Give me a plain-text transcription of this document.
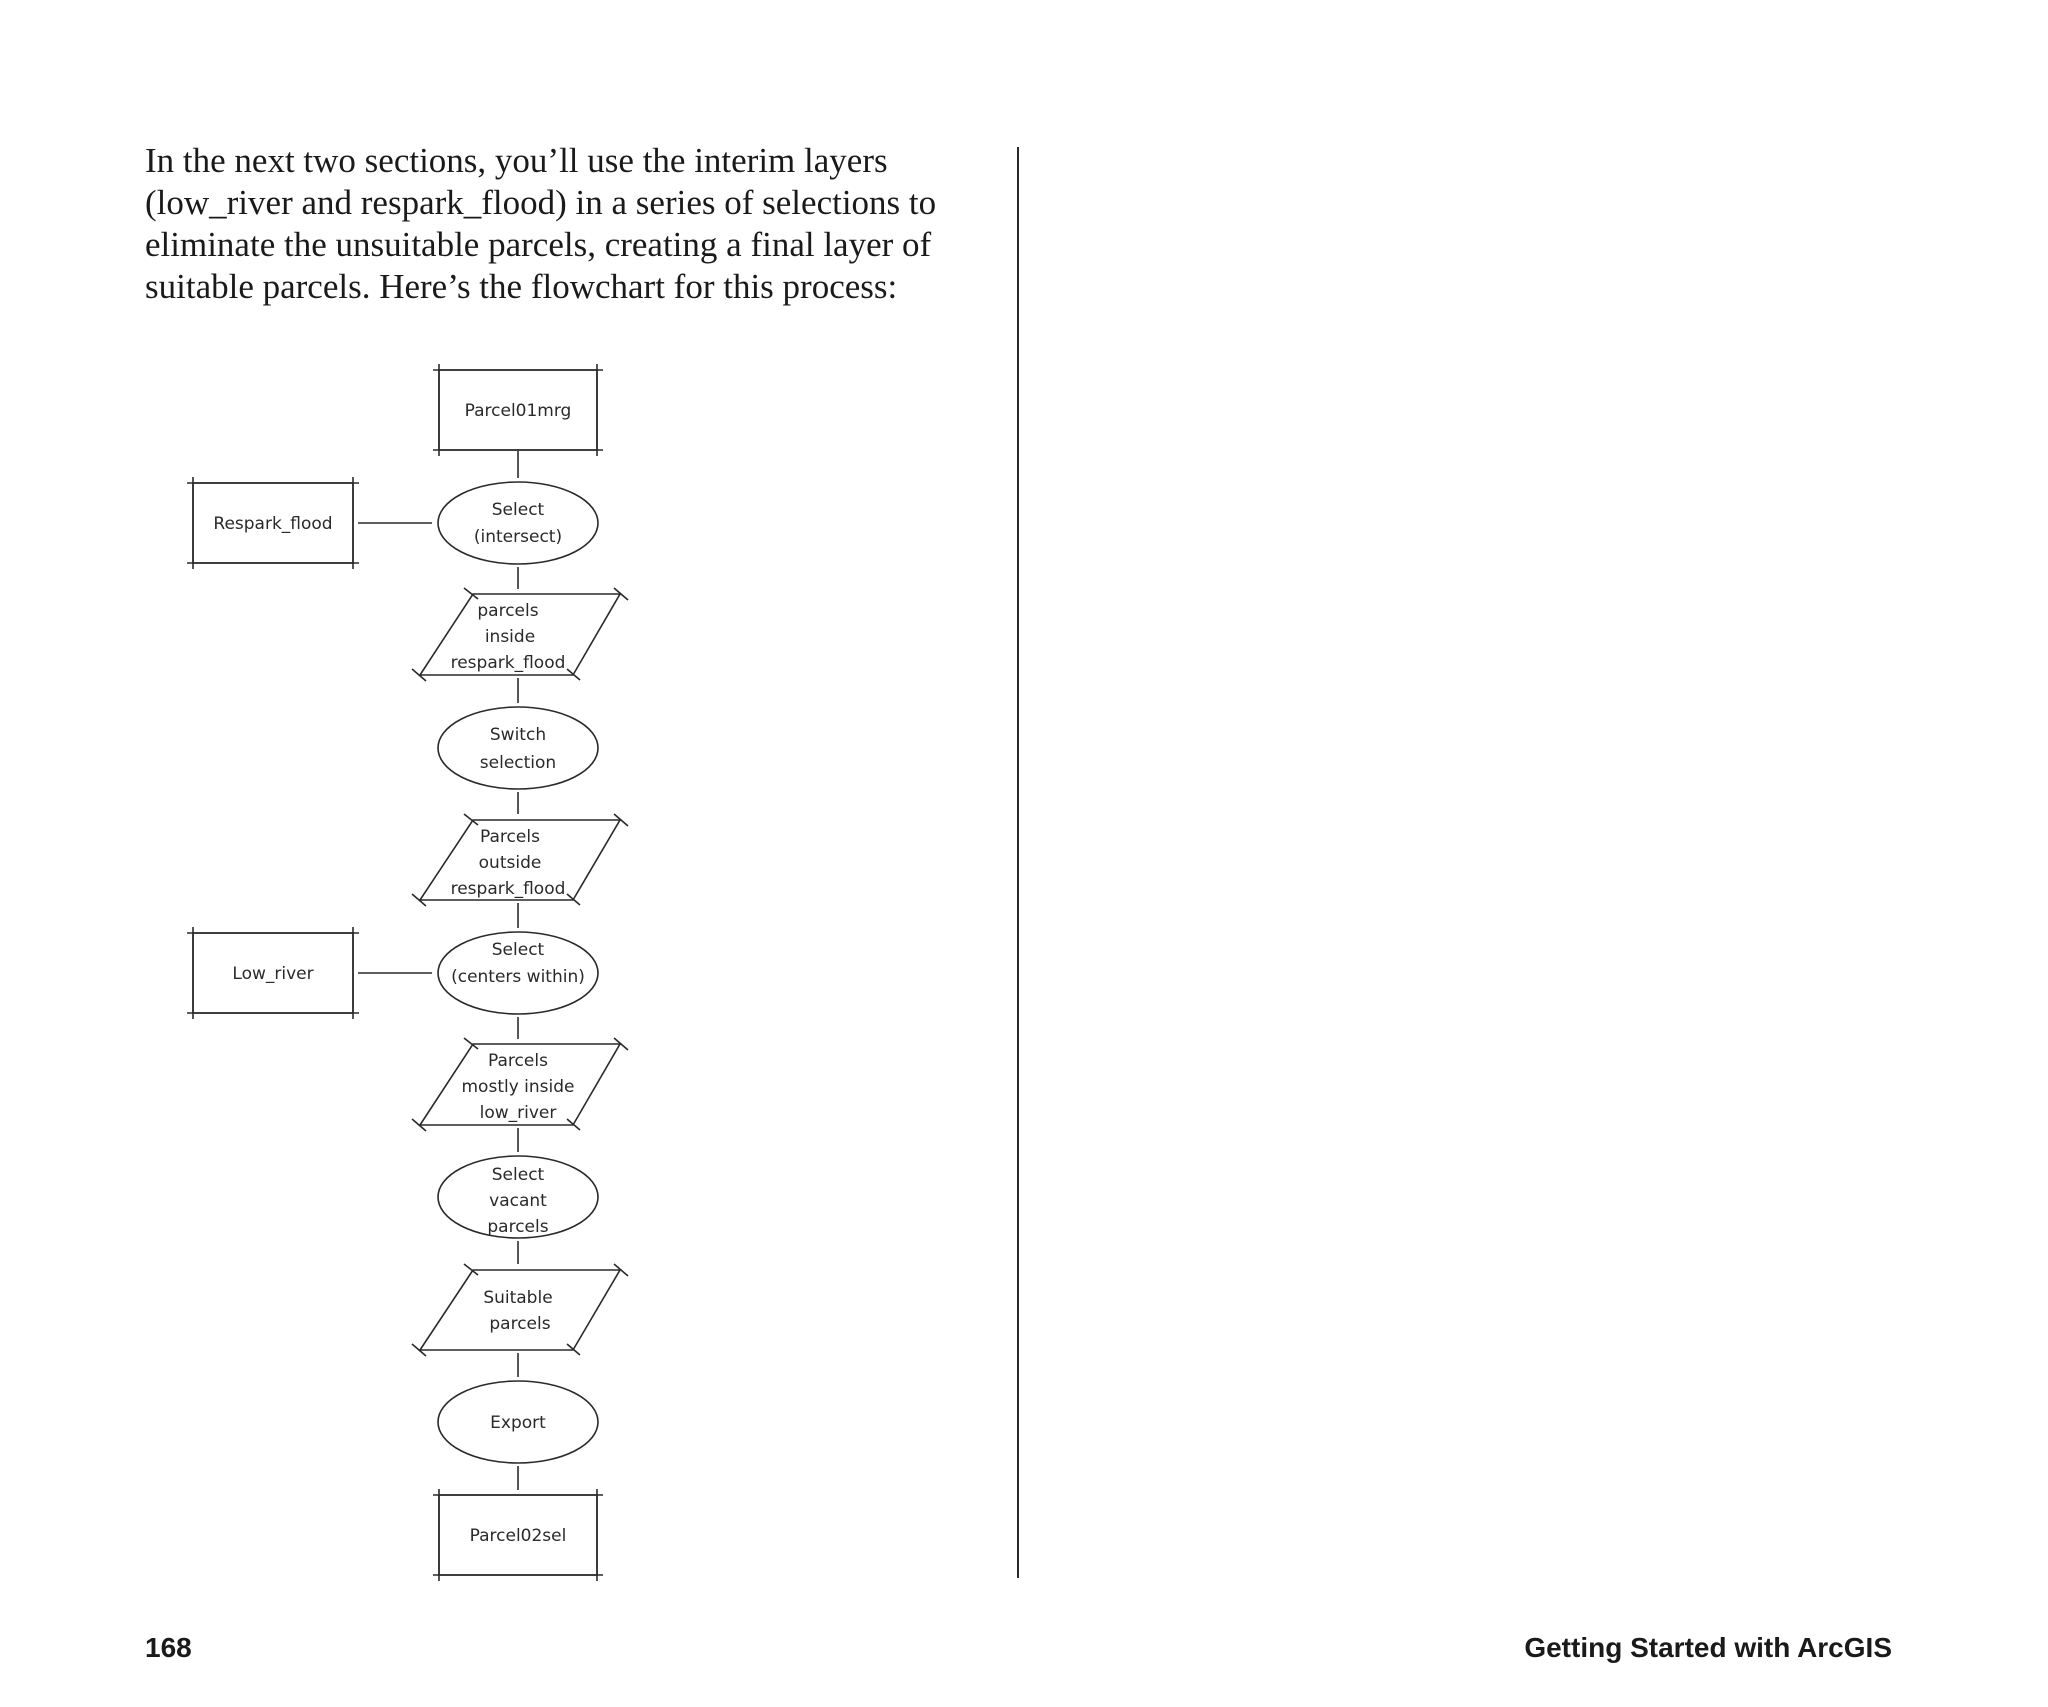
In the next two sections, you’ll use the interim layers
(low_river and respark_flood) in a series of selections to
eliminate the unsuitable parcels, creating a final layer of
suitable parcels. Here’s the flowchart for this process:
Parcel01mrg
Respark_flood
Select
(intersect)
parcels
inside
respark_flood
Switch
selection
Parcels
outside
respark_flood
Low_river
Select
(centers within)
Parcels
mostly inside
low_river
Select
vacant
parcels
Suitable
parcels
Export
Parcel02sel
168	Getting Started with ArcGIS
